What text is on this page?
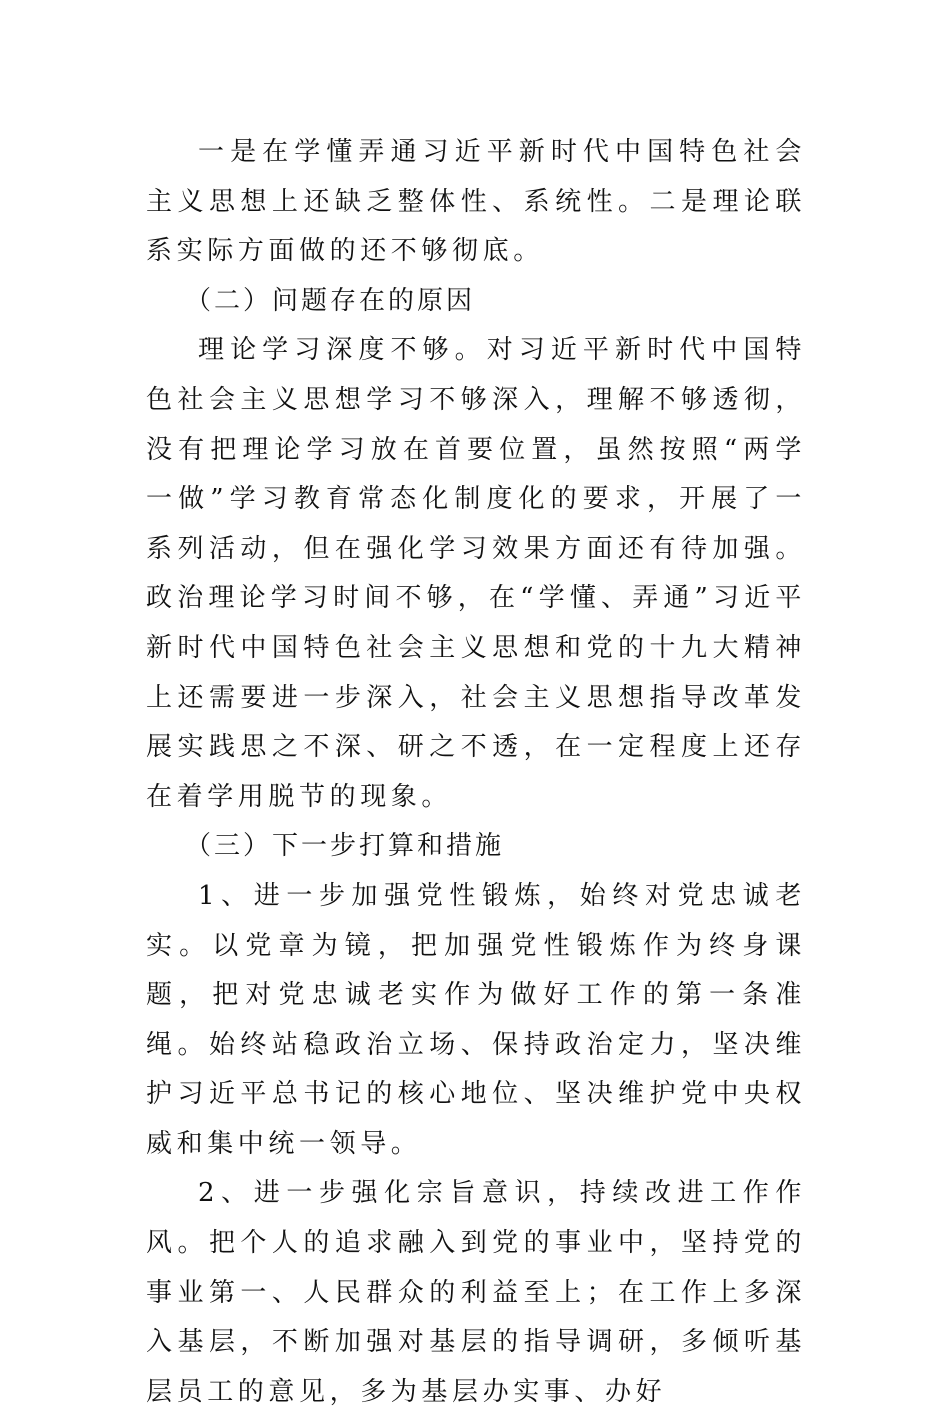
一是在学懂弄通习近平新时代中国特色社会主义思想上还缺乏整体性、系统性。二是理论联系实际方面做的还不够彻底。

（二）问题存在的原因

理论学习深度不够。对习近平新时代中国特色社会主义思想学习不够深入，理解不够透彻，没有把理论学习放在首要位置，虽然按照“两学一做”学习教育常态化制度化的要求，开展了一系列活动，但在强化学习效果方面还有待加强。政治理论学习时间不够，在“学懂、弄通”习近平新时代中国特色社会主义思想和党的十九大精神上还需要进一步深入，社会主义思想指导改革发展实践思之不深、研之不透，在一定程度上还存在着学用脱节的现象。

（三）下一步打算和措施

1、进一步加强党性锻炼，始终对党忠诚老实。以党章为镜，把加强党性锻炼作为终身课题，把对党忠诚老实作为做好工作的第一条准绳。始终站稳政治立场、保持政治定力，坚决维护习近平总书记的核心地位、坚决维护党中央权威和集中统一领导。

2、进一步强化宗旨意识，持续改进工作作风。把个人的追求融入到党的事业中，坚持党的事业第一、人民群众的利益至上；在工作上多深入基层，不断加强对基层的指导调研，多倾听基层员工的意见，多为基层办实事、办好
